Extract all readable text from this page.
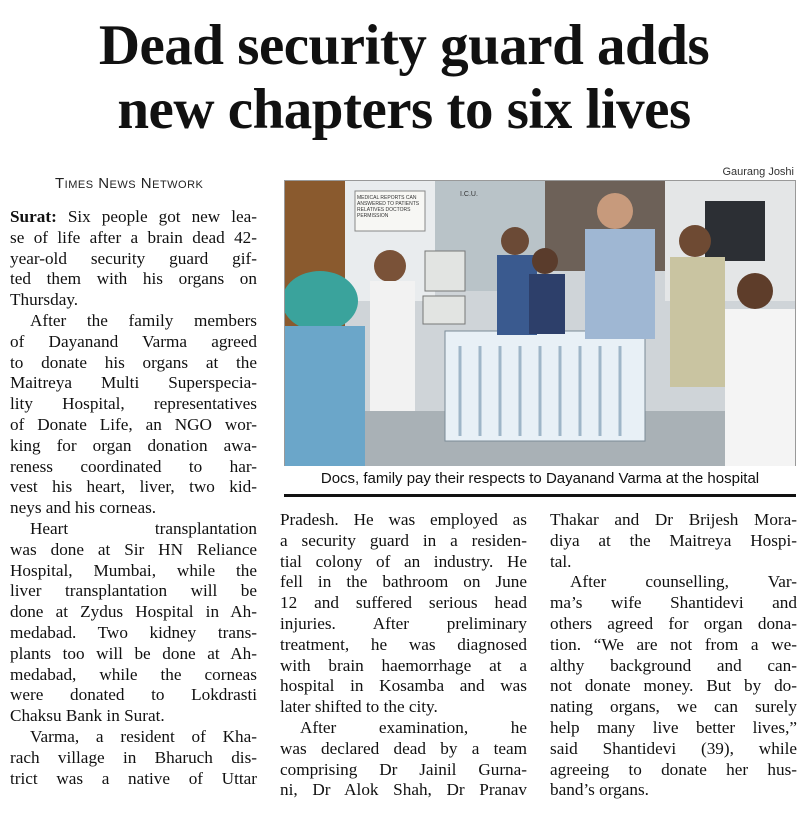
Dead security guard adds
new chapters to six lives
Times News Network
Gaurang Joshi
MEDICAL REPORTS CAN ANSWERED TO PATIENTS RELATIVES DOCTORS PERMISSION
I.C.U.
Docs, family pay their respects to Dayanand Varma at the hospital
Surat: Six people got new lea-
se of life after a brain dead 42-
year-old security guard gif-
ted them with his organs on
Thursday.
After the family members
of Dayanand Varma agreed
to donate his organs at the
Maitreya Multi Superspecia-
lity Hospital, representatives
of Donate Life, an NGO wor-
king for organ donation awa-
reness coordinated to har-
vest his heart, liver, two kid-
neys and his corneas.
Heart      transplantation
was done at Sir HN Reliance
Hospital, Mumbai, while the
liver transplantation will be
done at Zydus Hospital in Ah-
medabad. Two kidney trans-
plants too will be done at Ah-
medabad, while the corneas
were donated to Lokdrasti
Chaksu Bank in Surat.
Varma, a resident of Kha-
rach village in Bharuch dis-
trict was a native of Uttar
Pradesh. He was employed as
a security guard in a residen-
tial colony of an industry. He
fell in the bathroom on June
12 and suffered serious head
injuries. After preliminary
treatment, he was diagnosed
with brain haemorrhage at a
hospital in Kosamba and was
later shifted to the city.
After examination, he
was declared dead by a team
comprising Dr Jainil Gurna-
ni, Dr Alok Shah, Dr Pranav
Thakar and Dr Brijesh Mora-
diya at the Maitreya Hospi-
tal.
After counselling, Var-
ma’s wife Shantidevi and
others agreed for organ dona-
tion. “We are not from a we-
althy background and can-
not donate money. But by do-
nating organs, we can surely
help many live better lives,”
said Shantidevi (39), while
agreeing to donate her hus-
band’s organs.
